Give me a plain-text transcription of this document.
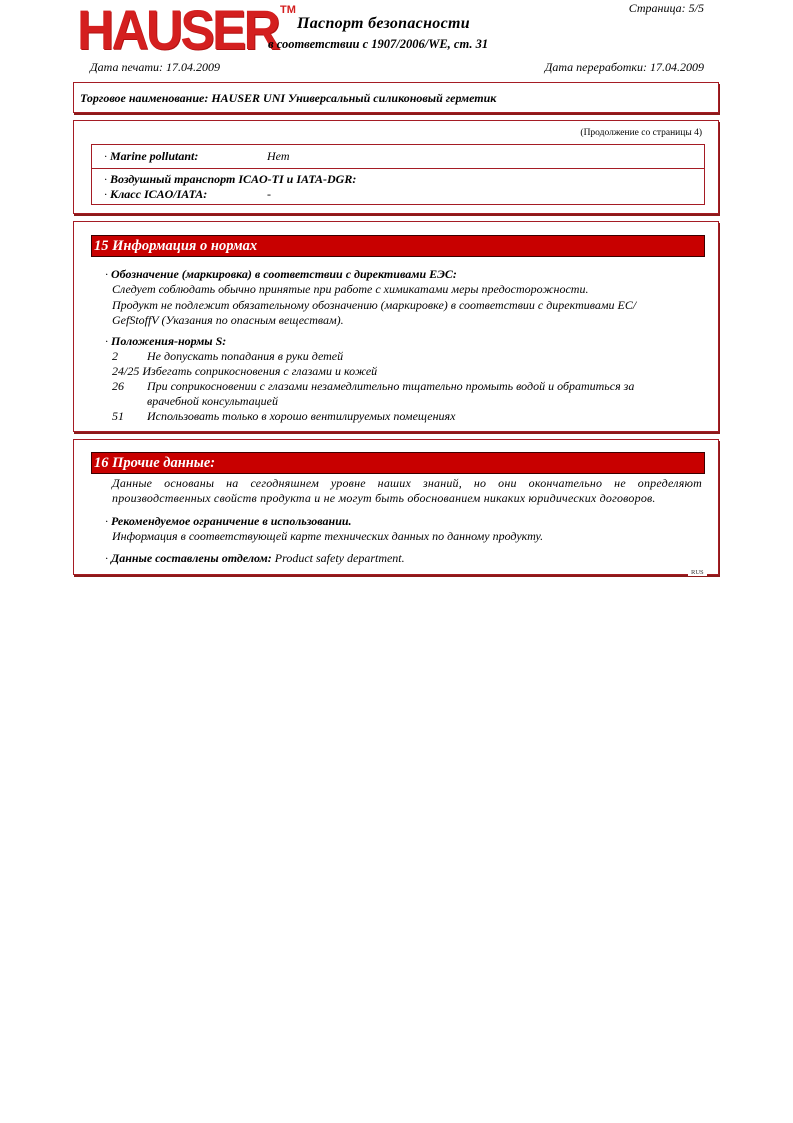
HAUSER TM	Страница: 5/5
Паспорт безопасности
в соответствии с 1907/2006/WE, ст. 31
Дата печати: 17.04.2009	Дата переработки: 17.04.2009
Торговое наименование: HAUSER UNI Универсальный силиконовый герметик
(Продолжение со страницы 4)
· Marine pollutant:	Нет
· Воздушный транспорт ICAO-TI и IATA-DGR:
· Класс ICAO/IATA:	-
15 Информация о нормах
· Обозначение (маркировка) в соответствии с директивами ЕЭС:
Следует соблюдать обычно принятые при работе с химикатами меры предосторожности.
Продукт не подлежит обязательному обозначению (маркировке) в соответствии с директивами EC/
GefStoffV (Указания по опасным веществам).
· Положения-нормы S:
2 Не допускать попадания в руки детей
24/25 Избегать соприкосновения с глазами и кожей
26 При соприкосновении с глазами незамедлительно тщательно промыть водой и обратиться за
врачебной консультацией
51 Использовать только в хорошо вентилируемых помещениях
16 Прочие данные:
Данные основаны на сегодняшнем уровне наших знаний, но они окончательно не определяют производственных свойств продукта и не могут быть обоснованием никаких юридических договоров.
· Рекомендуемое ограничение в использовании.
Информация в соответствующей карте технических данных по данному продукту.
· Данные составлены отделом: Product safety department.
RUS
